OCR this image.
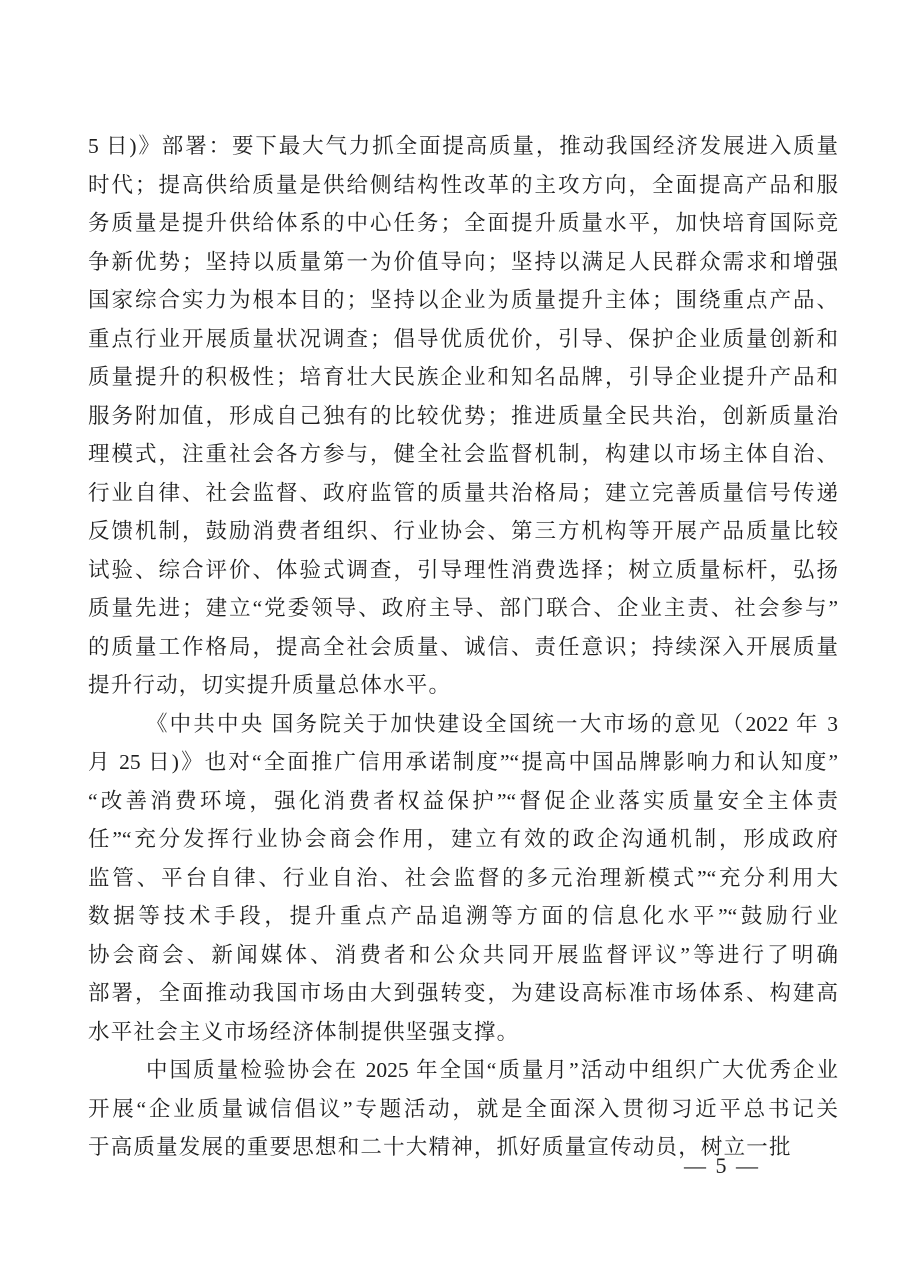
5 日)》部署：要下最大气力抓全面提高质量，推动我国经济发展进入质量
时代；提高供给质量是供给侧结构性改革的主攻方向，全面提高产品和服
务质量是提升供给体系的中心任务；全面提升质量水平，加快培育国际竞
争新优势；坚持以质量第一为价值导向；坚持以满足人民群众需求和增强
国家综合实力为根本目的；坚持以企业为质量提升主体；围绕重点产品、
重点行业开展质量状况调查；倡导优质优价，引导、保护企业质量创新和
质量提升的积极性；培育壮大民族企业和知名品牌，引导企业提升产品和
服务附加值，形成自己独有的比较优势；推进质量全民共治，创新质量治
理模式，注重社会各方参与，健全社会监督机制，构建以市场主体自治、
行业自律、社会监督、政府监管的质量共治格局；建立完善质量信号传递
反馈机制，鼓励消费者组织、行业协会、第三方机构等开展产品质量比较
试验、综合评价、体验式调查，引导理性消费选择；树立质量标杆，弘扬
质量先进；建立“党委领导、政府主导、部门联合、企业主责、社会参与”
的质量工作格局，提高全社会质量、诚信、责任意识；持续深入开展质量
提升行动，切实提升质量总体水平。
《中共中央 国务院关于加快建设全国统一大市场的意见（2022 年 3
月 25 日)》也对“全面推广信用承诺制度”“提高中国品牌影响力和认知度”
“改善消费环境，强化消费者权益保护”“督促企业落实质量安全主体责
任”“充分发挥行业协会商会作用，建立有效的政企沟通机制，形成政府
监管、平台自律、行业自治、社会监督的多元治理新模式”“充分利用大
数据等技术手段，提升重点产品追溯等方面的信息化水平”“鼓励行业
协会商会、新闻媒体、消费者和公众共同开展监督评议”等进行了明确
部署，全面推动我国市场由大到强转变，为建设高标准市场体系、构建高
水平社会主义市场经济体制提供坚强支撑。
中国质量检验协会在 2025 年全国“质量月”活动中组织广大优秀企业
开展“企业质量诚信倡议”专题活动，就是全面深入贯彻习近平总书记关
于高质量发展的重要思想和二十大精神，抓好质量宣传动员，树立一批
— 5 —
